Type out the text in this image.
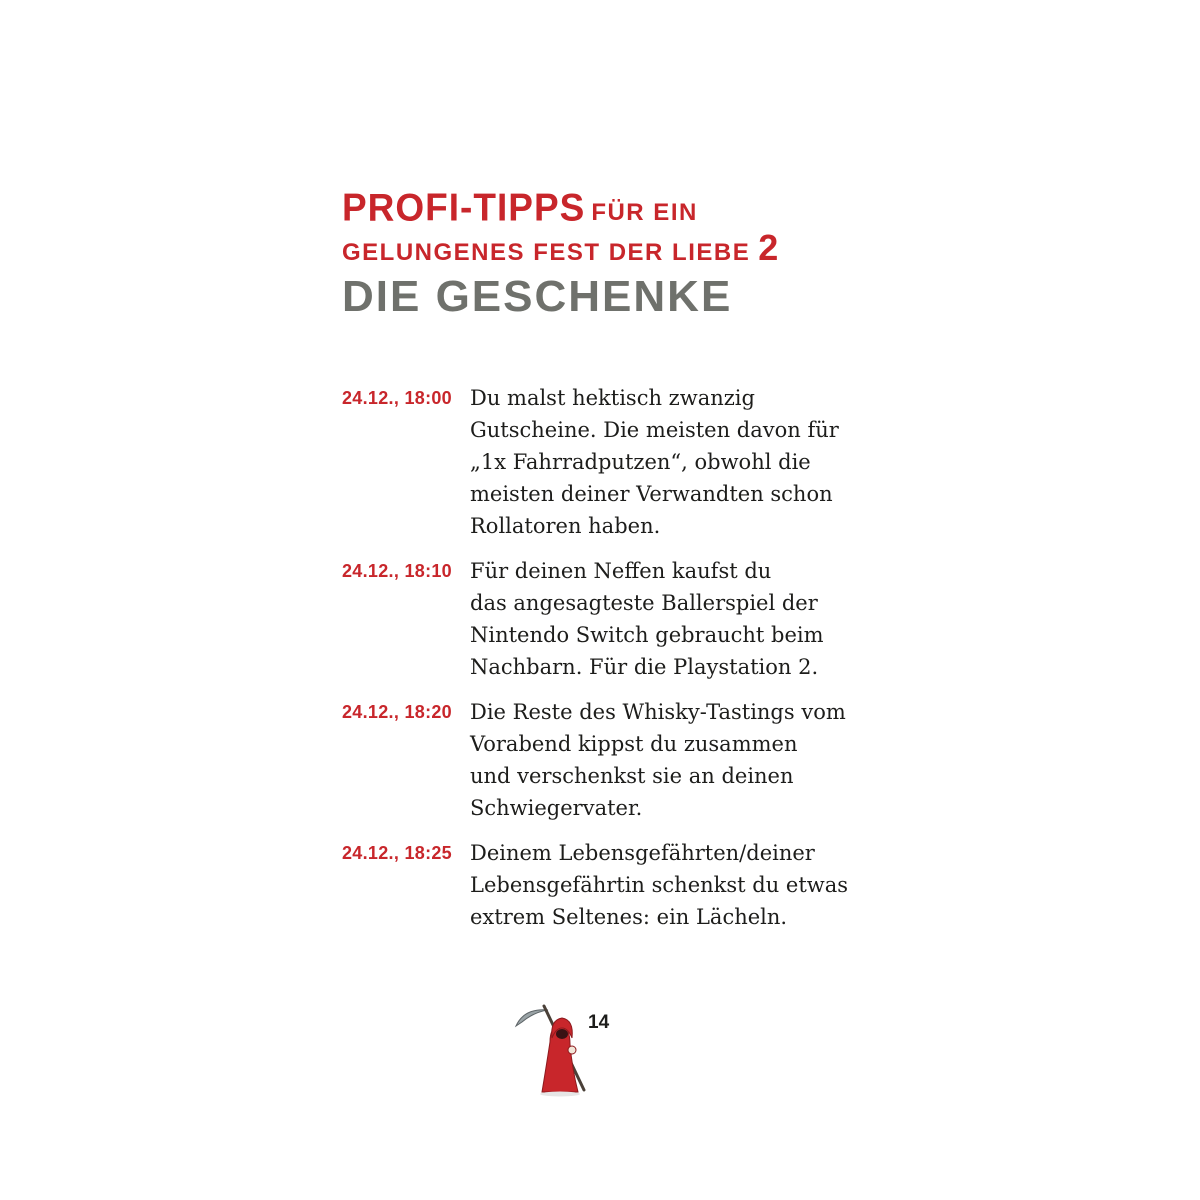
PROFI-TIPPS FÜR EIN
GELUNGENES FEST DER LIEBE 2
DIE GESCHENKE
24.12., 18:00 Du malst hektisch zwanzig
Gutscheine. Die meisten davon für
„1x Fahrradputzen“, obwohl die
meisten deiner Verwandten schon
Rollatoren haben.
24.12., 18:10 Für deinen Neffen kaufst du
das angesagteste Ballerspiel der
Nintendo Switch gebraucht beim
Nachbarn. Für die Playstation 2.
24.12., 18:20 Die Reste des Whisky-Tastings vom
Vorabend kippst du zusammen
und verschenkst sie an deinen
Schwiegervater.
24.12., 18:25 Deinem Lebensgefährten/deiner
Lebensgefährtin schenkst du etwas
extrem Seltenes: ein Lächeln.
14
